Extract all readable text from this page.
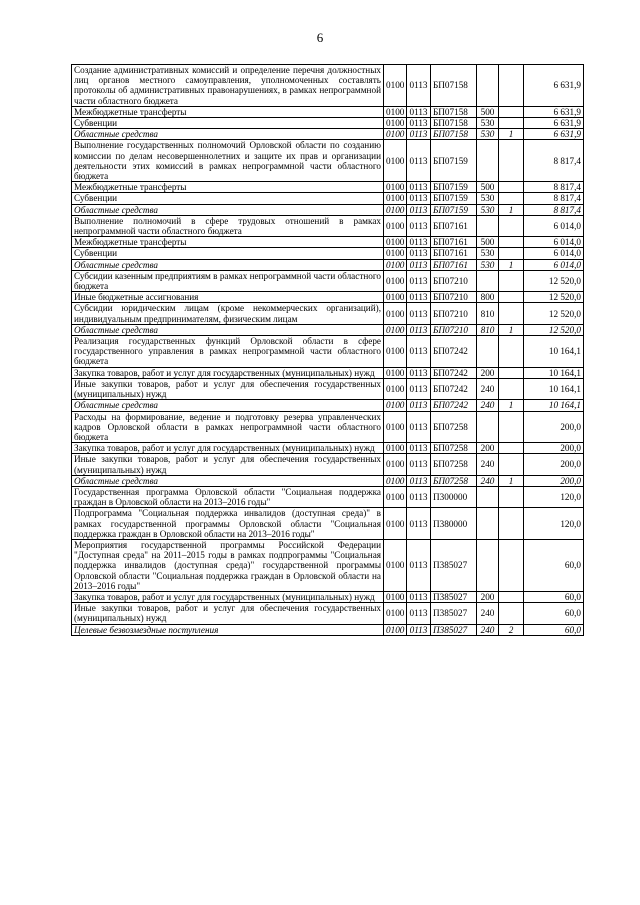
6
Создание административных комиссий и определение перечня должностных лиц органов местного самоуправления, уполномоченных составлять протоколы об административных правонарушениях, в рамках непрограммной части областного бюджета	0100	0113	БП07158			6 631,9
Межбюджетные трансферты	0100	0113	БП07158	500		6 631,9
Субвенции	0100	0113	БП07158	530		6 631,9
Областные средства	0100	0113	БП07158	530	1	6 631,9
Выполнение государственных полномочий Орловской области по созданию комиссии по делам несовершеннолетних и защите их прав и организации деятельности этих комиссий в рамках непрограммной части областного бюджета	0100	0113	БП07159			8 817,4
Межбюджетные трансферты	0100	0113	БП07159	500		8 817,4
Субвенции	0100	0113	БП07159	530		8 817,4
Областные средства	0100	0113	БП07159	530	1	8 817,4
Выполнение полномочий в сфере трудовых отношений в рамках непрограммной части областного бюджета	0100	0113	БП07161			6 014,0
Межбюджетные трансферты	0100	0113	БП07161	500		6 014,0
Субвенции	0100	0113	БП07161	530		6 014,0
Областные средства	0100	0113	БП07161	530	1	6 014,0
Субсидии казенным предприятиям в рамках непрограммной части областного бюджета	0100	0113	БП07210			12 520,0
Иные бюджетные ассигнования	0100	0113	БП07210	800		12 520,0
Субсидии юридическим лицам (кроме некоммерческих организаций), индивидуальным предпринимателям, физическим лицам	0100	0113	БП07210	810		12 520,0
Областные средства	0100	0113	БП07210	810	1	12 520,0
Реализация государственных функций Орловской области в сфере государственного управления в рамках непрограммной части областного бюджета	0100	0113	БП07242			10 164,1
Закупка товаров, работ и услуг для государственных (муниципальных) нужд	0100	0113	БП07242	200		10 164,1
Иные закупки товаров, работ и услуг для обеспечения государственных (муниципальных) нужд	0100	0113	БП07242	240		10 164,1
Областные средства	0100	0113	БП07242	240	1	10 164,1
Расходы на формирование, ведение и подготовку резерва управленческих кадров Орловской области в рамках непрограммной части областного бюджета	0100	0113	БП07258			200,0
Закупка товаров, работ и услуг для государственных (муниципальных) нужд	0100	0113	БП07258	200		200,0
Иные закупки товаров, работ и услуг для обеспечения государственных (муниципальных) нужд	0100	0113	БП07258	240		200,0
Областные средства	0100	0113	БП07258	240	1	200,0
Государственная программа Орловской области "Социальная поддержка граждан в Орловской области на 2013–2016 годы"	0100	0113	П300000			120,0
Подпрограмма "Социальная поддержка инвалидов (доступная среда)" в рамках государственной программы Орловской области "Социальная поддержка граждан в Орловской области на 2013–2016 годы"	0100	0113	П380000			120,0
Мероприятия государственной программы Российской Федерации "Доступная среда" на 2011–2015 годы в рамках подпрограммы "Социальная поддержка инвалидов (доступная среда)" государственной программы Орловской области "Социальная поддержка граждан в Орловской области на 2013–2016 годы"	0100	0113	П385027			60,0
Закупка товаров, работ и услуг для государственных (муниципальных) нужд	0100	0113	П385027	200		60,0
Иные закупки товаров, работ и услуг для обеспечения государственных (муниципальных) нужд	0100	0113	П385027	240		60,0
Целевые безвозмездные поступления	0100	0113	П385027	240	2	60,0
